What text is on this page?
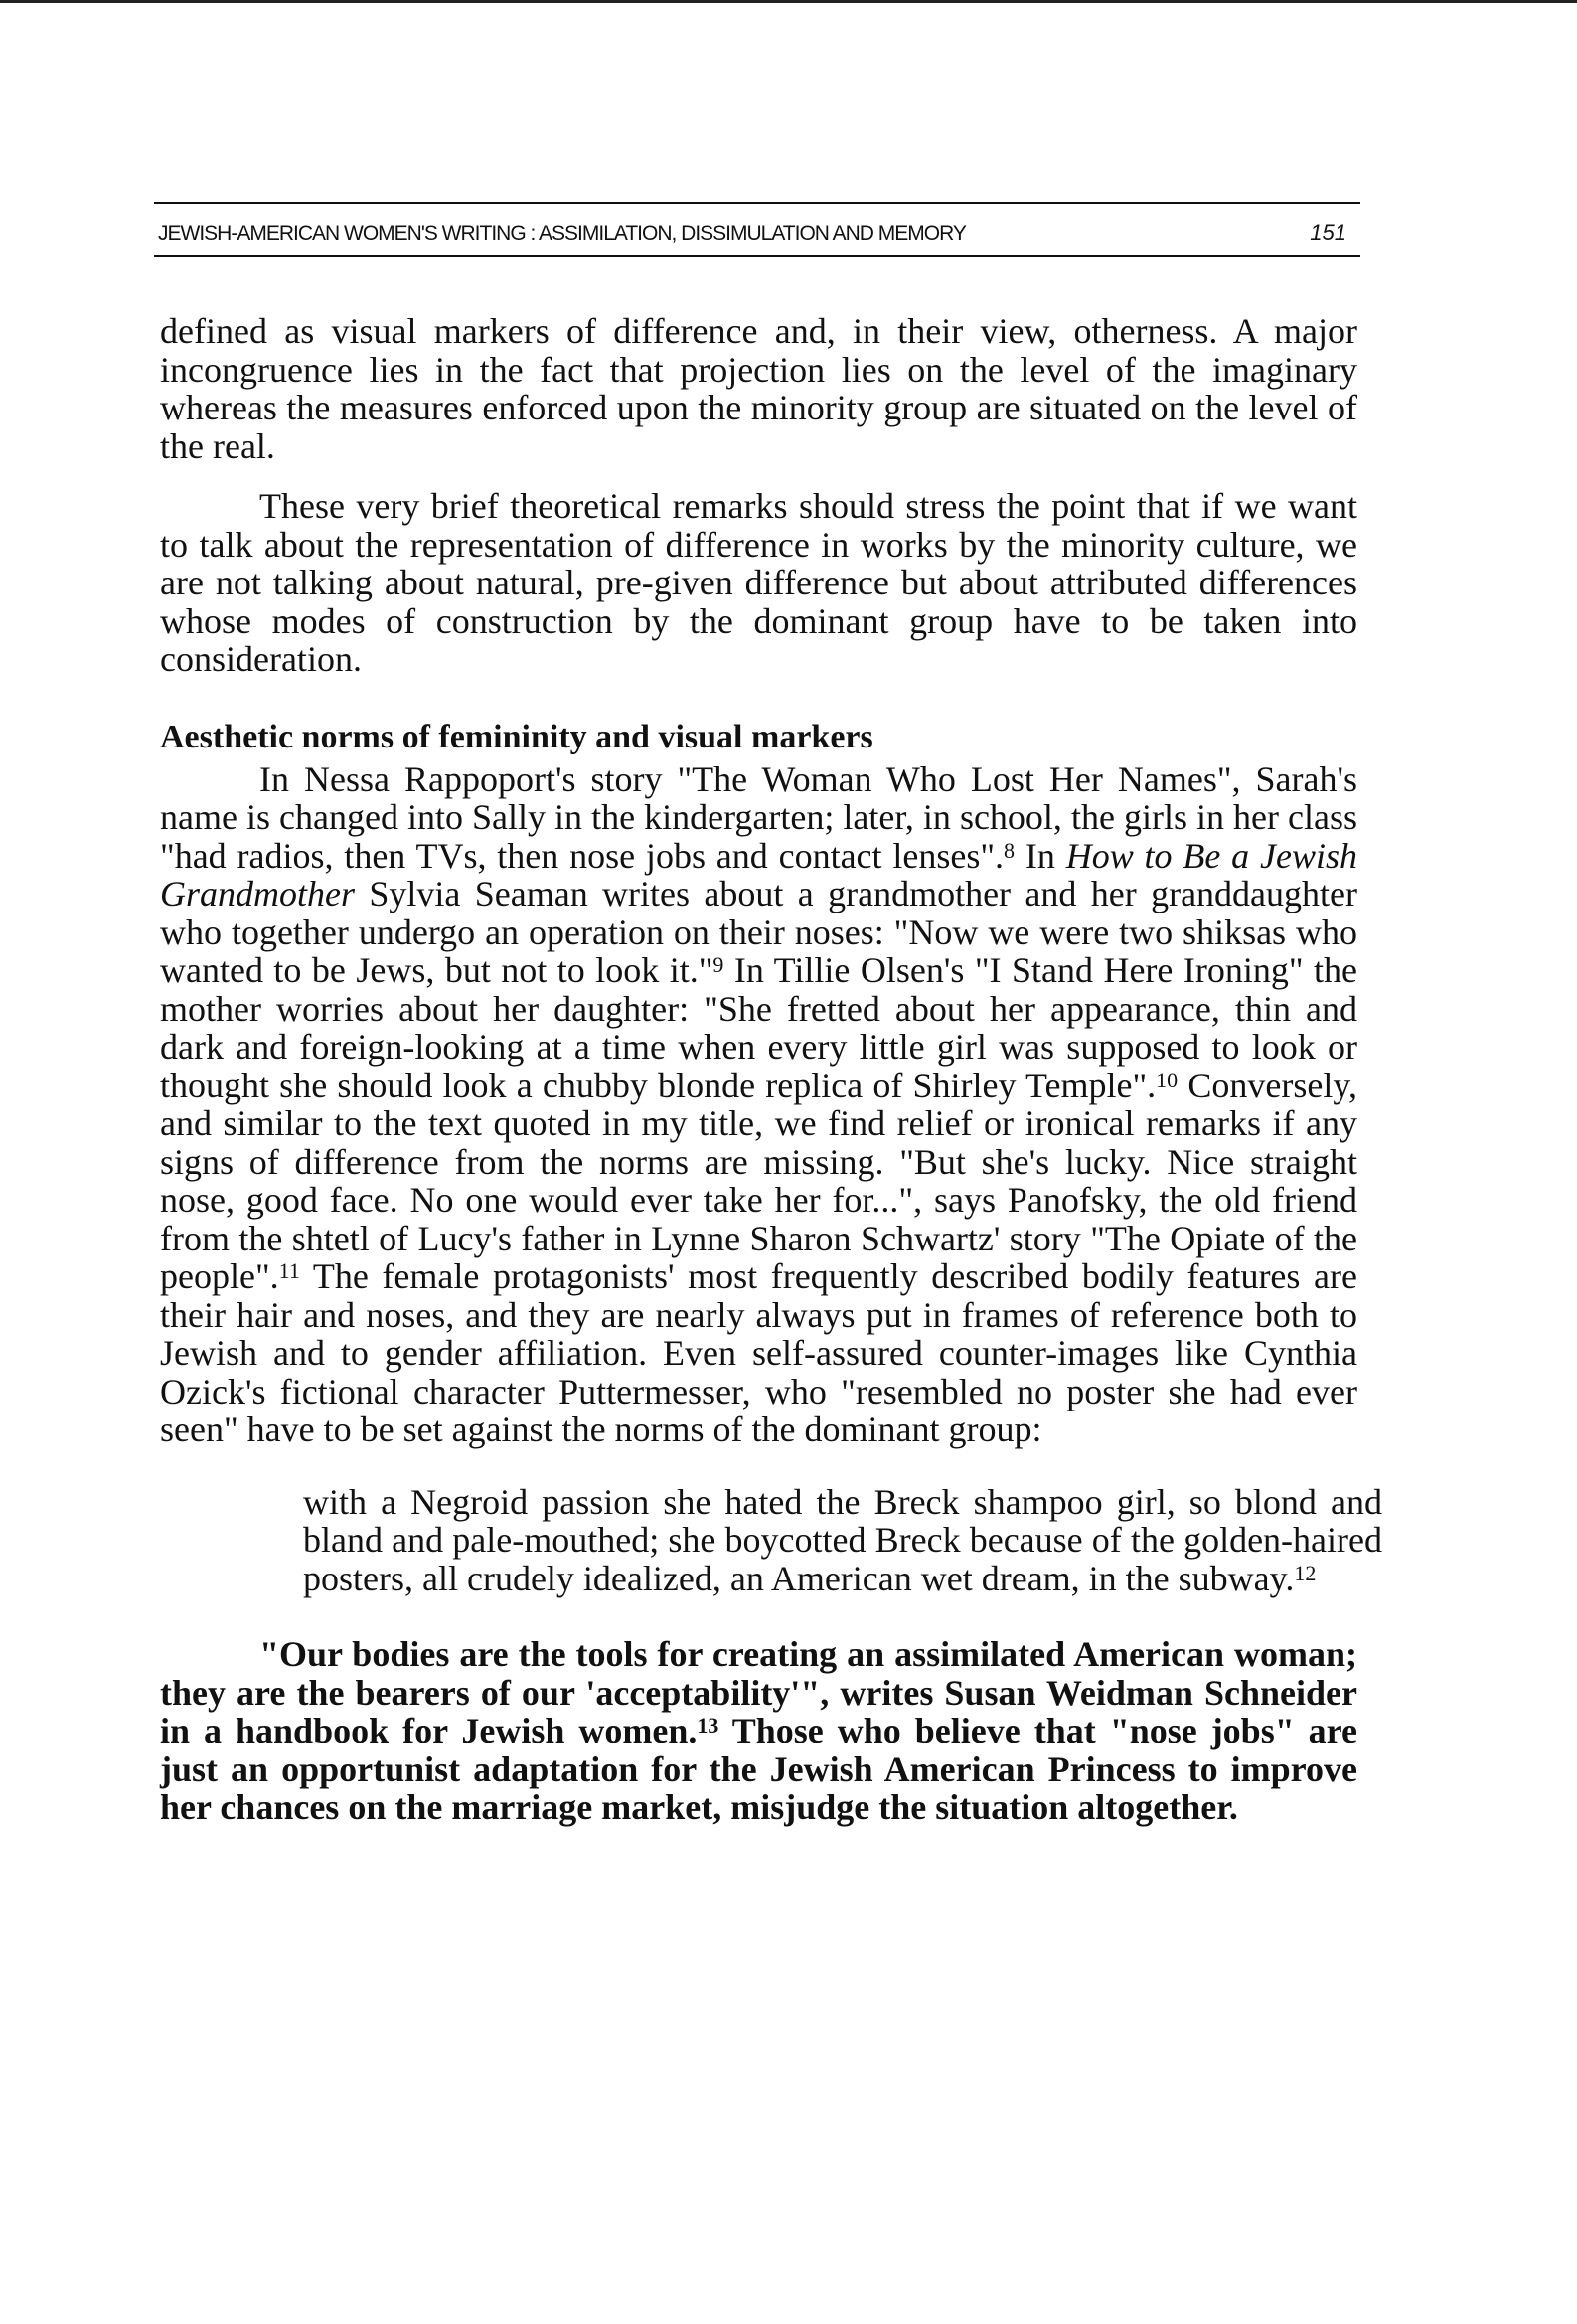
JEWISH-AMERICAN WOMEN'S WRITING : ASSIMILATION, DISSIMULATION AND MEMORY	151

defined as visual markers of difference and, in their view, otherness. A major incongruence lies in the fact that projection lies on the level of the imaginary whereas the measures enforced upon the minority group are situated on the level of the real.

These very brief theoretical remarks should stress the point that if we want to talk about the representation of difference in works by the minority culture, we are not talking about natural, pre-given difference but about attributed differences whose modes of construction by the dominant group have to be taken into consideration.

Aesthetic norms of femininity and visual markers

In Nessa Rappoport's story "The Woman Who Lost Her Names", Sarah's name is changed into Sally in the kindergarten; later, in school, the girls in her class "had radios, then TVs, then nose jobs and contact lenses".$^8$ In How to Be a Jewish Grandmother Sylvia Seaman writes about a grandmother and her granddaughter who together undergo an operation on their noses: "Now we were two shiksas who wanted to be Jews, but not to look it."$^9$ In Tillie Olsen's "I Stand Here Ironing" the mother worries about her daughter: "She fretted about her appearance, thin and dark and foreign-looking at a time when every little girl was supposed to look or thought she should look a chubby blonde replica of Shirley Temple".$^{10}$ Conversely, and similar to the text quoted in my title, we find relief or ironical remarks if any signs of difference from the norms are missing. "But she's lucky. Nice straight nose, good face. No one would ever take her for...", says Panofsky, the old friend from the shtetl of Lucy's father in Lynne Sharon Schwartz' story "The Opiate of the people".$^{11}$ The female protagonists' most frequently described bodily features are their hair and noses, and they are nearly always put in frames of reference both to Jewish and to gender affiliation. Even self-assured counter-images like Cynthia Ozick's fictional character Puttermesser, who "resembled no poster she had ever seen" have to be set against the norms of the dominant group:

with a Negroid passion she hated the Breck shampoo girl, so blond and bland and pale-mouthed; she boycotted Breck because of the golden-haired posters, all crudely idealized, an American wet dream, in the subway.$^{12}$

"Our bodies are the tools for creating an assimilated American woman; they are the bearers of our 'acceptability'", writes Susan Weidman Schneider in a handbook for Jewish women.$^{13}$ Those who believe that "nose jobs" are just an opportunist adaptation for the Jewish American Princess to improve her chances on the marriage market, misjudge the situation altogether.
